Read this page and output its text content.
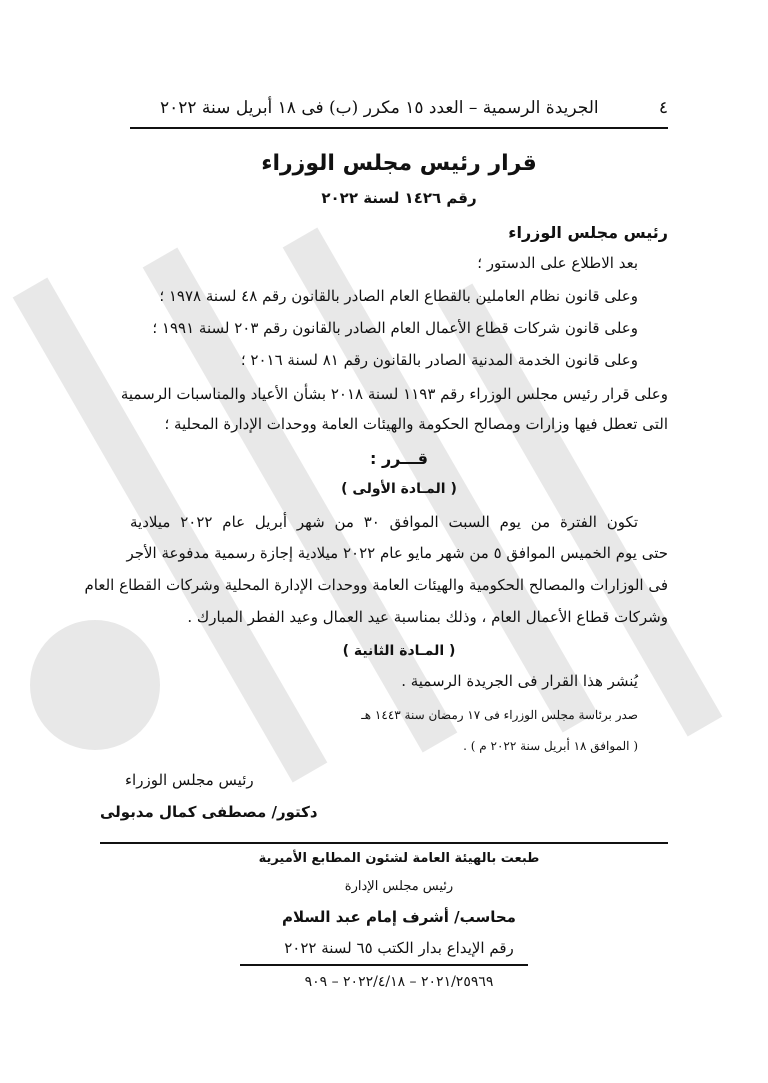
٤
الجريدة الرسمية – العدد ١٥ مكرر (ب) فى ١٨ أبريل سنة ٢٠٢٢
قرار رئيس مجلس الوزراء
رقم ١٤٢٦ لسنة ٢٠٢٢
رئيس مجلس الوزراء
بعد الاطلاع على الدستور ؛
وعلى قانون نظام العاملين بالقطاع العام الصادر بالقانون رقم ٤٨ لسنة ١٩٧٨ ؛
وعلى قانون شركات قطاع الأعمال العام الصادر بالقانون رقم ٢٠٣ لسنة ١٩٩١ ؛
وعلى قانون الخدمة المدنية الصادر بالقانون رقم ٨١ لسنة ٢٠١٦ ؛
وعلى قرار رئيس مجلس الوزراء رقم ١١٩٣ لسنة ٢٠١٨ بشأن الأعياد والمناسبات الرسمية
التى تعطل فيها وزارات ومصالح الحكومة والهيئات العامة ووحدات الإدارة المحلية ؛
قـــرر :
( المـادة الأولى )
تكون الفترة من يوم السبت الموافق ٣٠ من شهر أبريل عام ٢٠٢٢ ميلادية
حتى يوم الخميس الموافق ٥ من شهر مايو عام ٢٠٢٢ ميلادية إجازة رسمية مدفوعة الأجر
فى الوزارات والمصالح الحكومية والهيئات العامة ووحدات الإدارة المحلية وشركات القطاع العام
وشركات قطاع الأعمال العام ، وذلك بمناسبة عيد العمال وعيد الفطر المبارك .
( المـادة الثانية )
يُنشر هذا القرار فى الجريدة الرسمية .
صدر برئاسة مجلس الوزراء فى ١٧ رمضان سنة ١٤٤٣ هـ
( الموافق ١٨ أبريل سنة ٢٠٢٢ م ) .
رئيس مجلس الوزراء
دكتور/ مصطفى كمال مدبولى
طبعت بالهيئة العامة لشئون المطابع الأميرية
رئيس مجلس الإدارة
محاسب/ أشرف إمام عبد السلام
رقم الإيداع بدار الكتب ٦٥ لسنة ٢٠٢٢
٢٠٢١/٢٥٩٦٩ – ٢٠٢٢/٤/١٨ – ٩٠٩
